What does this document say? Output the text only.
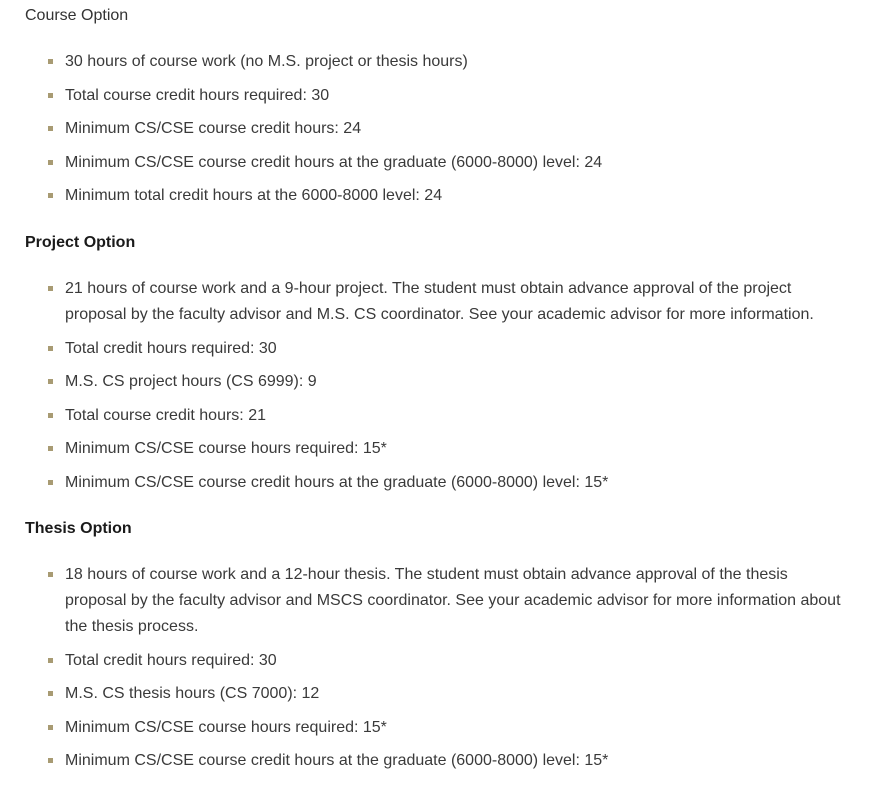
Course Option
30 hours of course work (no M.S. project or thesis hours)
Total course credit hours required: 30
Minimum CS/CSE course credit hours: 24
Minimum CS/CSE course credit hours at the graduate (6000-8000) level: 24
Minimum total credit hours at the 6000-8000 level: 24
Project Option
21 hours of course work and a 9-hour project. The student must obtain advance approval of the project proposal by the faculty advisor and M.S. CS coordinator. See your academic advisor for more information.
Total credit hours required: 30
M.S. CS project hours (CS 6999): 9
Total course credit hours: 21
Minimum CS/CSE course hours required: 15*
Minimum CS/CSE course credit hours at the graduate (6000-8000) level: 15*
Thesis Option
18 hours of course work and a 12-hour thesis. The student must obtain advance approval of the thesis proposal by the faculty advisor and MSCS coordinator. See your academic advisor for more information about the thesis process.
Total credit hours required: 30
M.S. CS thesis hours (CS 7000): 12
Minimum CS/CSE course hours required: 15*
Minimum CS/CSE course credit hours at the graduate (6000-8000) level: 15*
